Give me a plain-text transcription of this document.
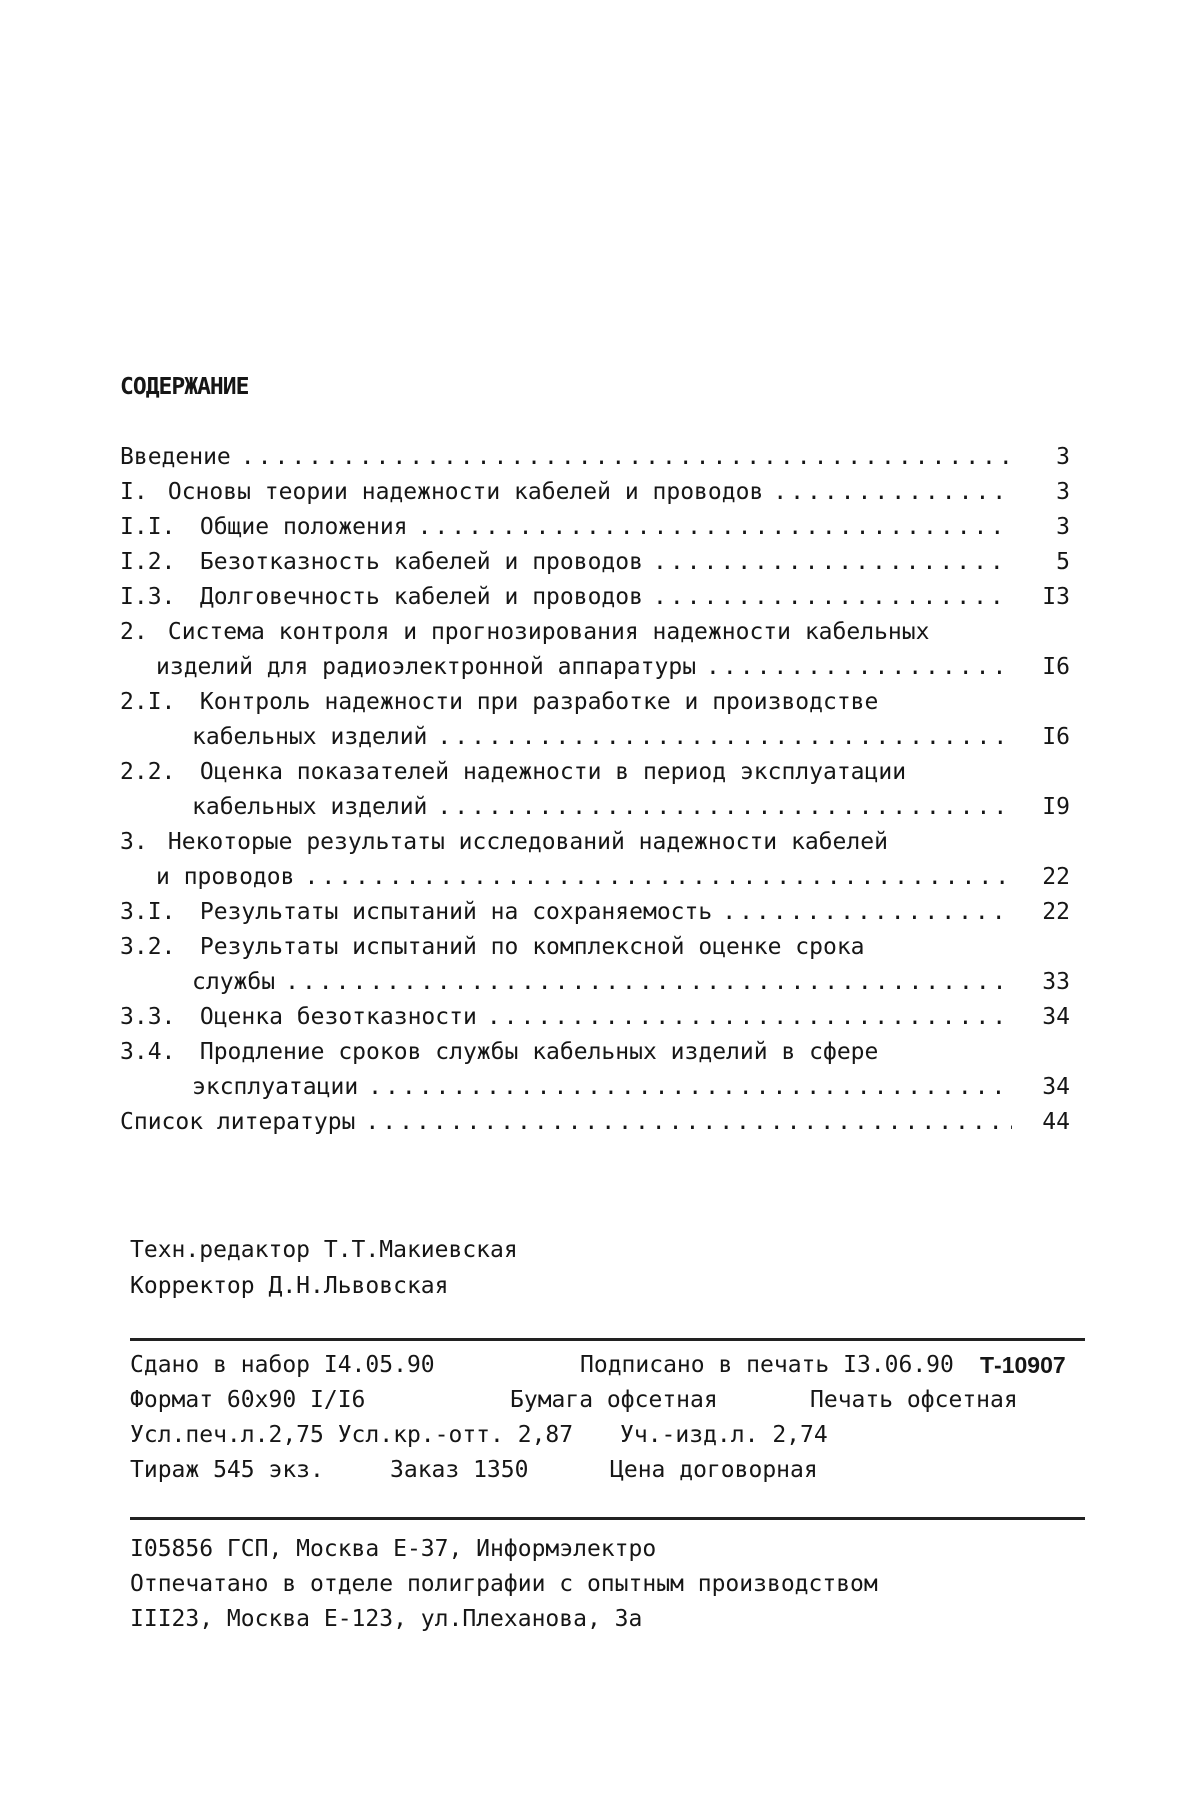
СОДЕРЖАНИЕ
Введение .....	3
I. Основы теории надежности кабелей и проводов .....	3
I.I. Общие положения .....	3
I.2. Безотказность кабелей и проводов .....	5
I.3. Долговечность кабелей и проводов .....	I3
2. Система контроля и прогнозирования надежности кабельных
изделий для радиоэлектронной аппаратуры .....	I6
2.I. Контроль надежности при разработке и производстве
кабельных изделий .....	I6
2.2. Оценка показателей надежности в период эксплуатации
кабельных изделий .....	I9
3. Некоторые результаты исследований надежности кабелей
и проводов .....	22
3.I. Результаты испытаний на сохраняемость .....	22
3.2. Результаты испытаний по комплексной оценке срока
службы .....	33
3.3. Оценка безотказности .....	34
3.4. Продление сроков службы кабельных изделий в сфере
эксплуатации .....	34
Список литературы .....	44
Техн.редактор Т.Т.Макиевская
Корректор Д.Н.Львовская
Сдано в набор I4.05.90	Подписано в печать I3.06.90 Т-10907
Формат 60х90 I/I6	Бумага офсетная	Печать офсетная
Усл.печ.л.2,75 Усл.кр.-отт. 2,87 Уч.-изд.л. 2,74
Тираж 545 экз.	Заказ 1350	Цена договорная
I05856 ГСП, Москва Е-37, Информэлектро
Отпечатано в отделе полиграфии с опытным производством
III23, Москва Е-123, ул.Плеханова, 3а
